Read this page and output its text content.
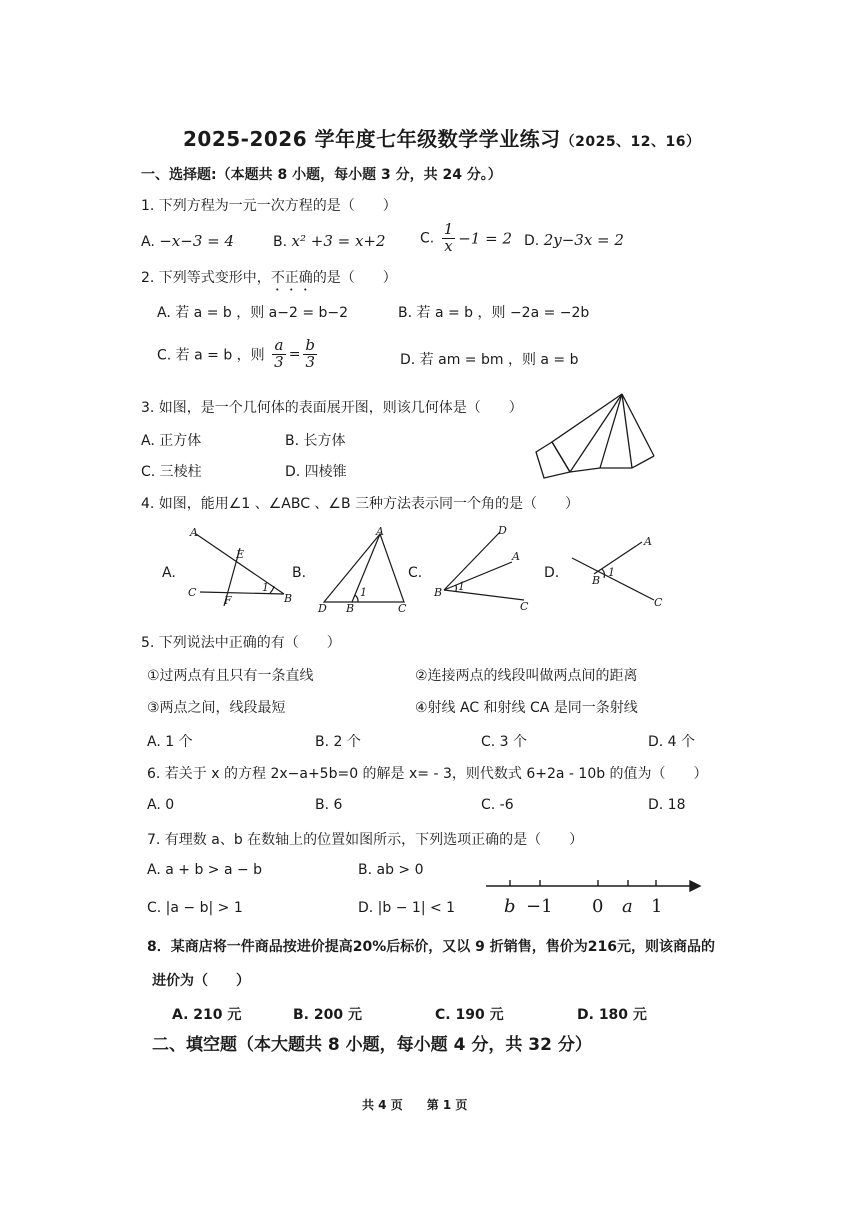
2025-2026 学年度七年级数学学业练习（2025、12、16）
一、选择题:（本题共 8 小题，每小题 3 分，共 24 分。）
1. 下列方程为一元一次方程的是（　　）
A. −x−3 = 4	B. x² +3 = x+2 C. $\frac{1}{x} -1 = 2$ D. 2y−3x = 2
2. 下列等式变形中，不正确的是（　　）
A. 若 a = b ，则 a−2 = b−2	B. 若 a = b ，则 −2a = −2b
C. 若 a = b ，则 $\frac{a}{3} = \frac{b}{3}$	D. 若 am = bm ，则 a = b
3. 如图，是一个几何体的表面展开图，则该几何体是（　　）
A. 正方体	B. 长方体
C. 三棱柱	D. 四棱锥
4. 如图，能用∠1 、∠ABC 、∠B 三种方法表示同一个角的是（　　）
A.
A
E
C
F
1
B
B.
A
D B
1
C
C.
D
A
B 1
C
D.
A
B
1
C
5. 下列说法中正确的有（　　）
①过两点有且只有一条直线	②连接两点的线段叫做两点间的距离
③两点之间，线段最短	④射线 AC 和射线 CA 是同一条射线
A. 1 个	B. 2 个	C. 3 个	D. 4 个
6. 若关于 x 的方程 2x−a+5b=0 的解是 x= - 3，则代数式 6+2a - 10b 的值为（　　）
A. 0	B. 6	C. -6	D. 18
7. 有理数 a、b 在数轴上的位置如图所示，下列选项正确的是（　　）
A. a + b > a − b	B. ab > 0
C. |a − b| > 1	D. |b − 1| < 1	b −1 0 a 1
8．某商店将一件商品按进价提高20%后标价，又以 9 折销售，售价为216元，则该商品的
进价为（　　）
A. 210 元	B. 200 元	C. 190 元	D. 180 元
二、填空题（本大题共 8 小题，每小题 4 分，共 32 分）
共 4 页　　第 1 页
